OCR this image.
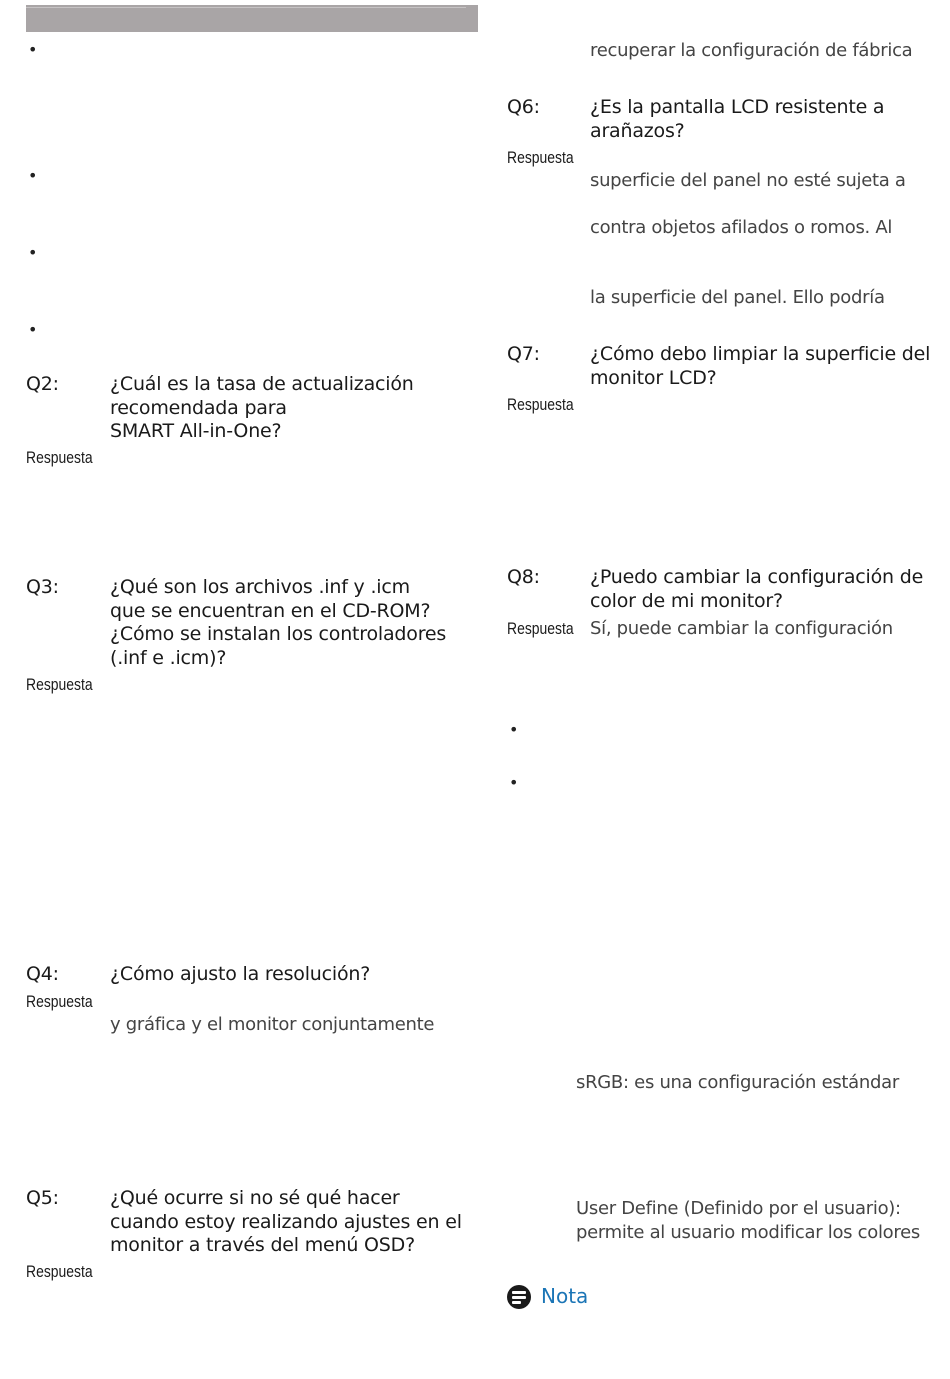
•
•
•
•
Q2:	¿Cuál es la tasa de actualización
recomendada para
SMART All-in-One?
Respuesta
Q3:	¿Qué son los archivos .inf y .icm
que se encuentran en el CD-ROM?
¿Cómo se instalan los controladores
(.inf e .icm)?
Respuesta
Q4:	¿Cómo ajusto la resolución?
Respuesta
y gráfica y el monitor conjuntamente
Q5:	¿Qué ocurre si no sé qué hacer
cuando estoy realizando ajustes en el
monitor a través del menú OSD?
Respuesta
recuperar la configuración de fábrica
Q6:	¿Es la pantalla LCD resistente a
arañazos?
Respuesta
superficie del panel no esté sujeta a
contra objetos afilados o romos. Al
la superficie del panel. Ello podría
Q7:	¿Cómo debo limpiar la superficie del
monitor LCD?
Respuesta
Q8:	¿Puedo cambiar la configuración de
color de mi monitor?
Respuesta Sí, puede cambiar la configuración
•
•
sRGB: es una configuración estándar
User Define (Definido por el usuario):
permite al usuario modificar los colores
Nota
